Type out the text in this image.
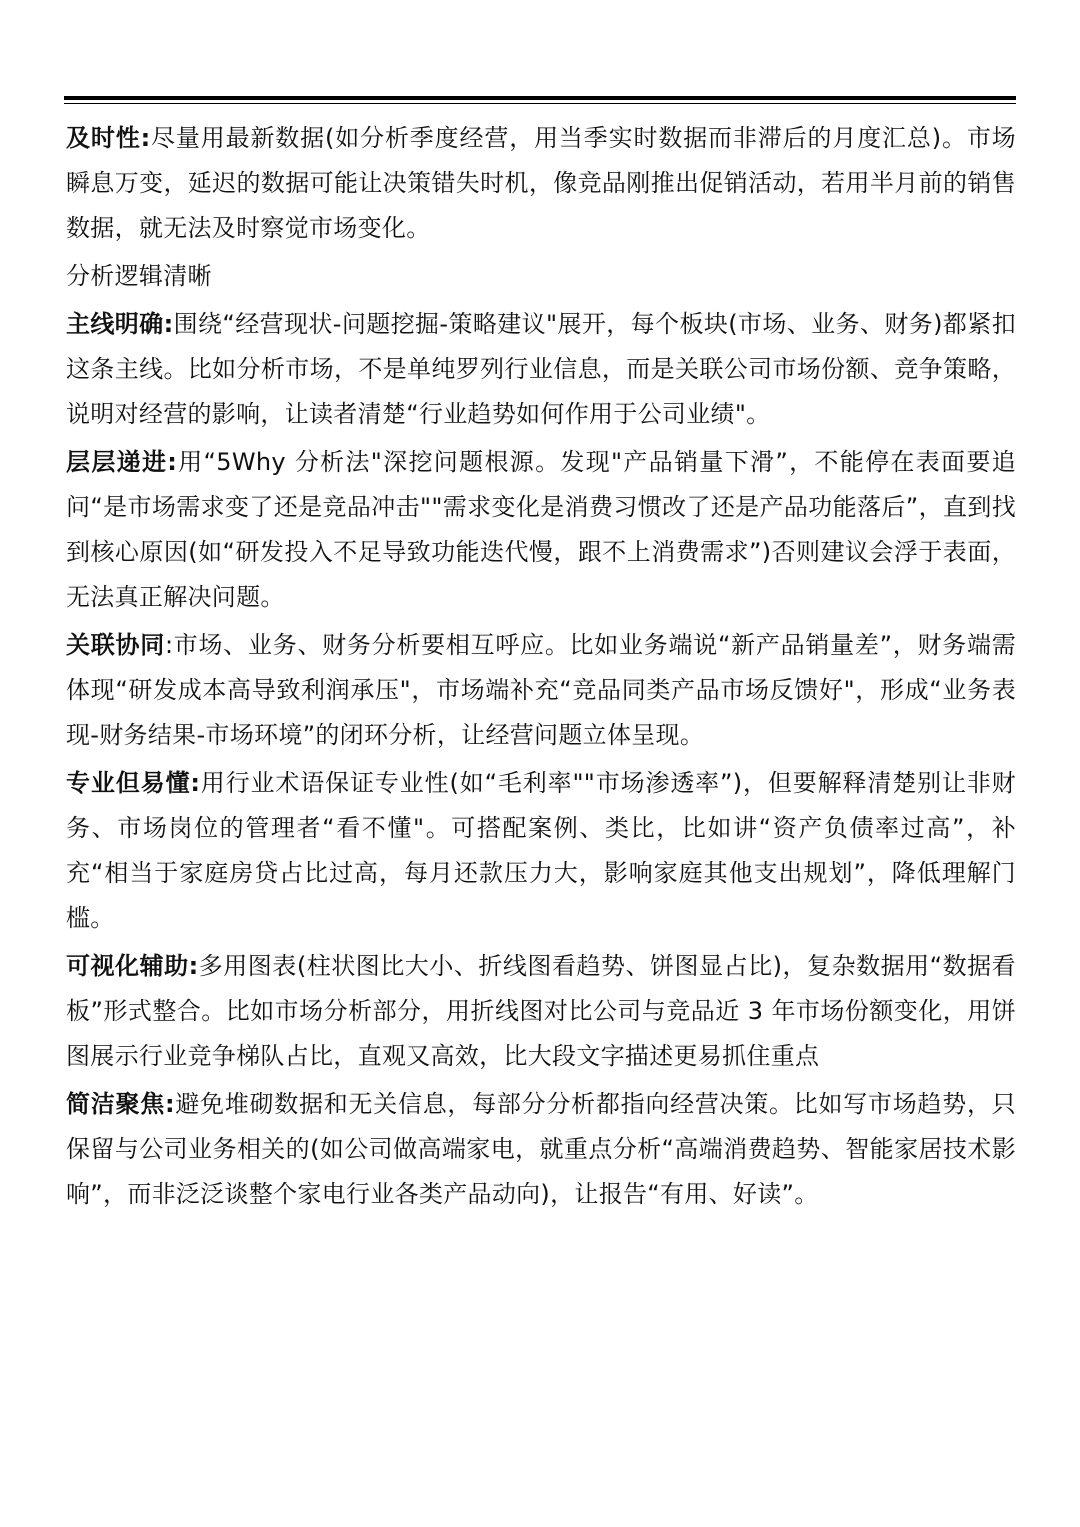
及时性:尽量用最新数据(如分析季度经营，用当季实时数据而非滞后的月度汇总)。市场瞬息万变，延迟的数据可能让决策错失时机，像竞品刚推出促销活动，若用半月前的销售数据，就无法及时察觉市场变化。

分析逻辑清晰

主线明确:围绕“经营现状-问题挖掘-策略建议"展开，每个板块(市场、业务、财务)都紧扣这条主线。比如分析市场，不是单纯罗列行业信息，而是关联公司市场份额、竞争策略，说明对经营的影响，让读者清楚“行业趋势如何作用于公司业绩"。

层层递进:用“5Why 分析法"深挖问题根源。发现"产品销量下滑”，不能停在表面要追问“是市场需求变了还是竞品冲击""需求变化是消费习惯改了还是产品功能落后”，直到找到核心原因(如“研发投入不足导致功能迭代慢，跟不上消费需求”)否则建议会浮于表面，无法真正解决问题。

关联协同:市场、业务、财务分析要相互呼应。比如业务端说“新产品销量差”，财务端需体现“研发成本高导致利润承压"，市场端补充“竞品同类产品市场反馈好"，形成“业务表现-财务结果-市场环境”的闭环分析，让经营问题立体呈现。

专业但易懂:用行业术语保证专业性(如“毛利率""市场渗透率”)，但要解释清楚别让非财务、市场岗位的管理者“看不懂"。可搭配案例、类比，比如讲“资产负债率过高”，补充“相当于家庭房贷占比过高，每月还款压力大，影响家庭其他支出规划”，降低理解门槛。

可视化辅助:多用图表(柱状图比大小、折线图看趋势、饼图显占比)，复杂数据用“数据看板”形式整合。比如市场分析部分，用折线图对比公司与竞品近 3 年市场份额变化，用饼图展示行业竞争梯队占比，直观又高效，比大段文字描述更易抓住重点

简洁聚焦:避免堆砌数据和无关信息，每部分分析都指向经营决策。比如写市场趋势，只保留与公司业务相关的(如公司做高端家电，就重点分析“高端消费趋势、智能家居技术影响”，而非泛泛谈整个家电行业各类产品动向)，让报告“有用、好读”。
